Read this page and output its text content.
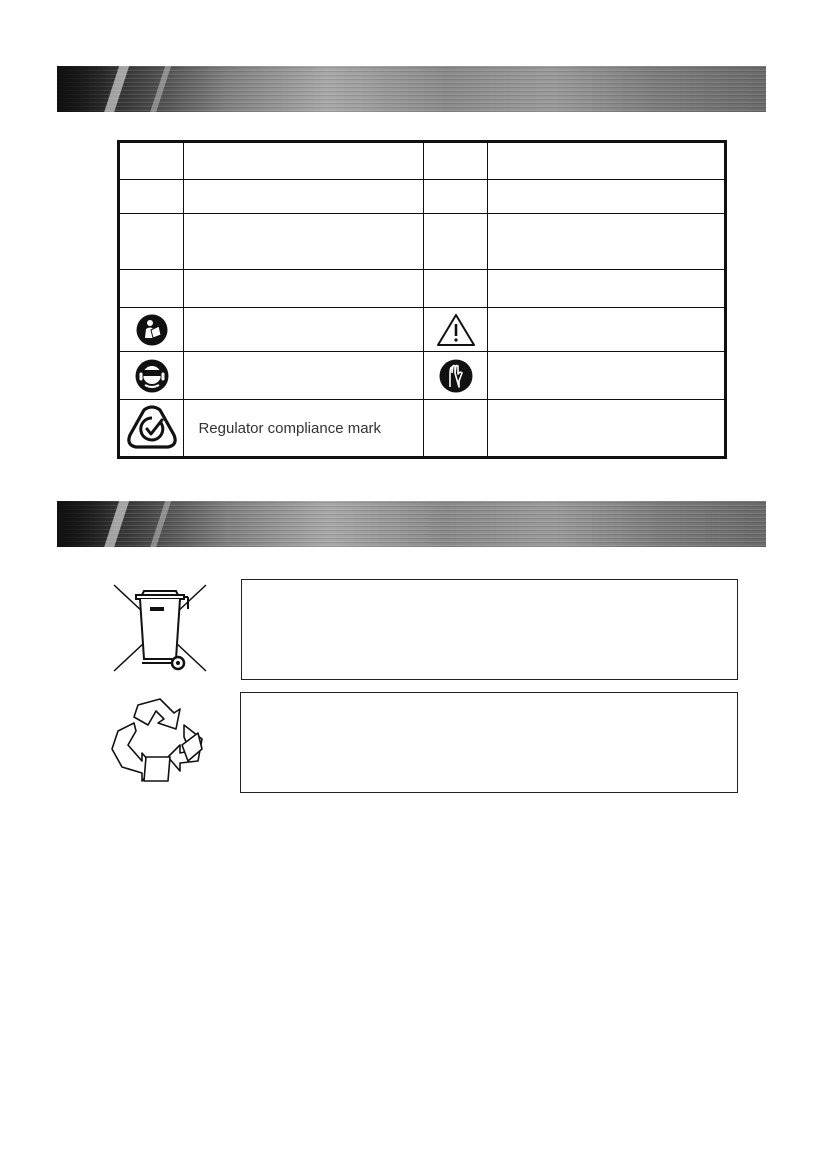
	Regulator compliance mark		
